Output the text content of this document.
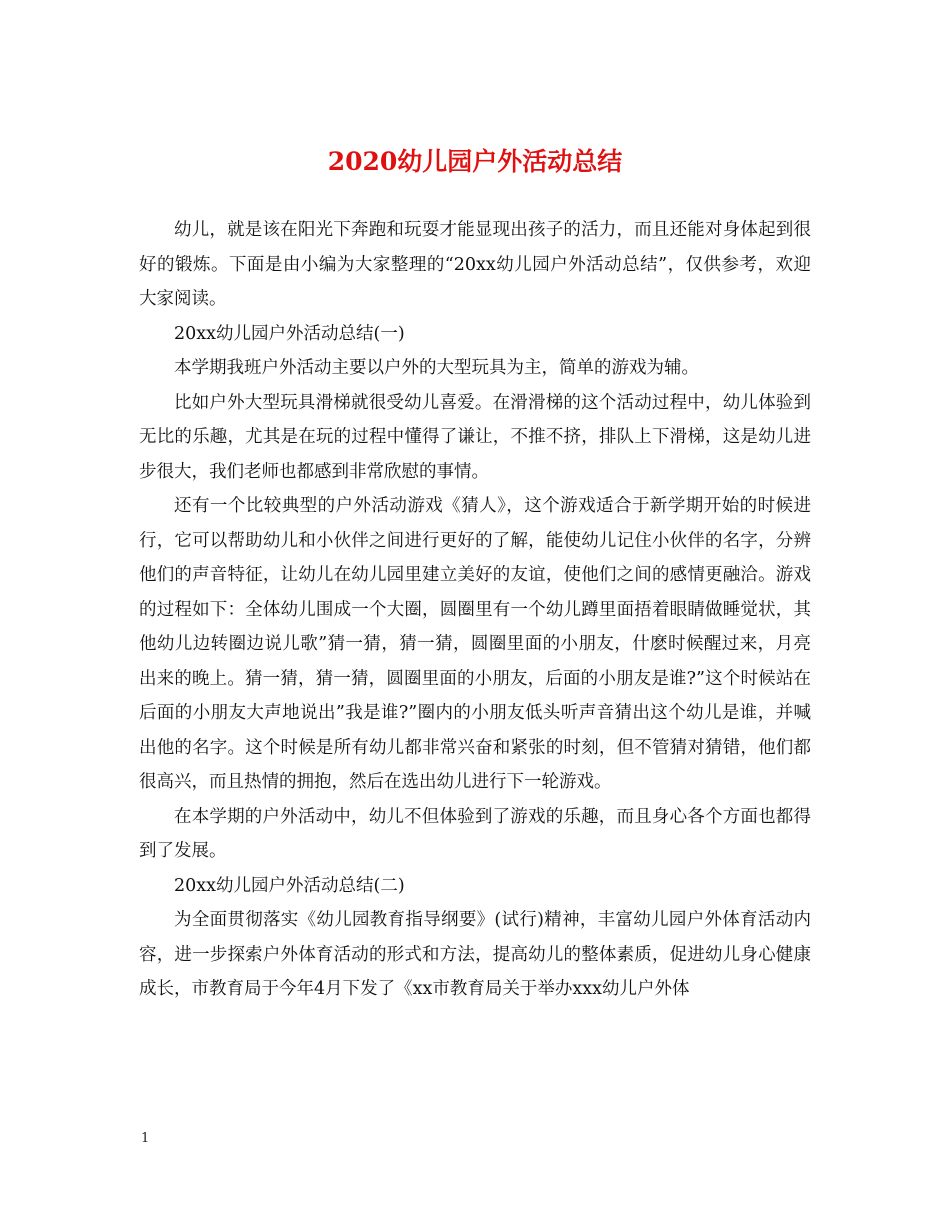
2020幼儿园户外活动总结

幼儿，就是该在阳光下奔跑和玩耍才能显现出孩子的活力，而且还能对身体起到很好的锻炼。下面是由小编为大家整理的“20xx幼儿园户外活动总结”，仅供参考，欢迎大家阅读。

20xx幼儿园户外活动总结(一)

本学期我班户外活动主要以户外的大型玩具为主，简单的游戏为辅。

比如户外大型玩具滑梯就很受幼儿喜爱。在滑滑梯的这个活动过程中，幼儿体验到无比的乐趣，尤其是在玩的过程中懂得了谦让，不推不挤，排队上下滑梯，这是幼儿进步很大，我们老师也都感到非常欣慰的事情。

还有一个比较典型的户外活动游戏《猜人》，这个游戏适合于新学期开始的时候进行，它可以帮助幼儿和小伙伴之间进行更好的了解，能使幼儿记住小伙伴的名字，分辨他们的声音特征，让幼儿在幼儿园里建立美好的友谊，使他们之间的感情更融洽。游戏的过程如下：全体幼儿围成一个大圈，圆圈里有一个幼儿蹲里面捂着眼睛做睡觉状，其他幼儿边转圈边说儿歌”猜一猜，猜一猜，圆圈里面的小朋友，什麽时候醒过来，月亮出来的晚上。猜一猜，猜一猜，圆圈里面的小朋友，后面的小朋友是谁?”这个时候站在后面的小朋友大声地说出”我是谁?”圈内的小朋友低头听声音猜出这个幼儿是谁，并喊出他的名字。这个时候是所有幼儿都非常兴奋和紧张的时刻，但不管猜对猜错，他们都很高兴，而且热情的拥抱，然后在选出幼儿进行下一轮游戏。

在本学期的户外活动中，幼儿不但体验到了游戏的乐趣，而且身心各个方面也都得到了发展。

20xx幼儿园户外活动总结(二)

为全面贯彻落实《幼儿园教育指导纲要》(试行)精神，丰富幼儿园户外体育活动内容，进一步探索户外体育活动的形式和方法，提高幼儿的整体素质，促进幼儿身心健康成长，市教育局于今年4月下发了《xx市教育局关于举办xxx幼儿户外体

1
